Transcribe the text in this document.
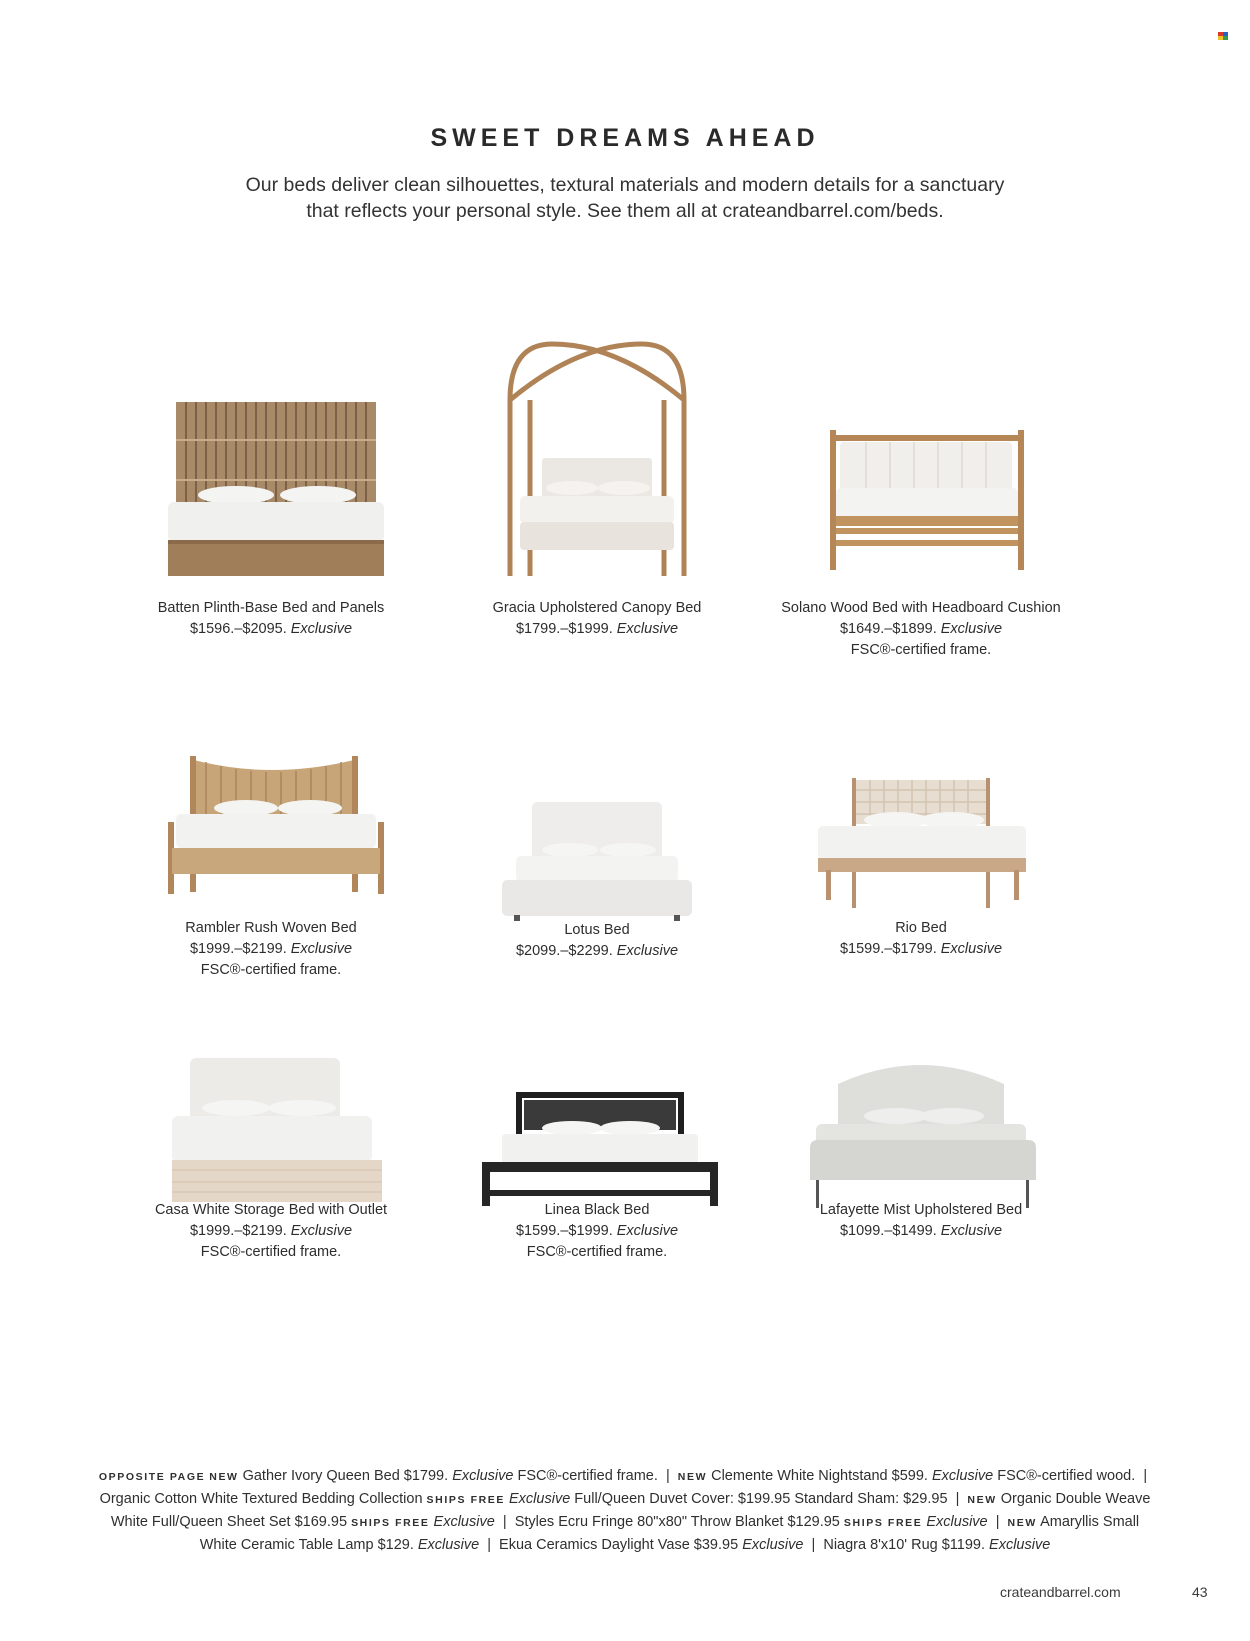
SWEET DREAMS AHEAD
Our beds deliver clean silhouettes, textural materials and modern details for a sanctuary
that reflects your personal style. See them all at crateandbarrel.com/beds.
Batten Plinth-Base Bed and Panels
$1596.–$2095. Exclusive
Gracia Upholstered Canopy Bed
$1799.–$1999. Exclusive
Solano Wood Bed with Headboard Cushion
$1649.–$1899. Exclusive
FSC®-certified frame.
Rambler Rush Woven Bed
$1999.–$2199. Exclusive
FSC®-certified frame.
Lotus Bed
$2099.–$2299. Exclusive
Rio Bed
$1599.–$1799. Exclusive
Casa White Storage Bed with Outlet
$1999.–$2199. Exclusive
FSC®-certified frame.
Linea Black Bed
$1599.–$1999. Exclusive
FSC®-certified frame.
Lafayette Mist Upholstered Bed
$1099.–$1499. Exclusive
OPPOSITE PAGE NEW Gather Ivory Queen Bed $1799. Exclusive FSC®-certified frame. | NEW Clemente White Nightstand $599. Exclusive FSC®-certified wood. |  Organic Cotton White Textured Bedding Collection SHIPS FREE Exclusive Full/Queen Duvet Cover: $199.95 Standard Sham: $29.95 | NEW Organic Double Weave White Full/Queen Sheet Set $169.95 SHIPS FREE Exclusive | Styles Ecru Fringe 80"x80" Throw Blanket $129.95 SHIPS FREE Exclusive | NEW Amaryllis Small White Ceramic Table Lamp $129. Exclusive | Ekua Ceramics Daylight Vase $39.95 Exclusive | Niagra 8'x10' Rug $1199. Exclusive
crateandbarrel.com	43
